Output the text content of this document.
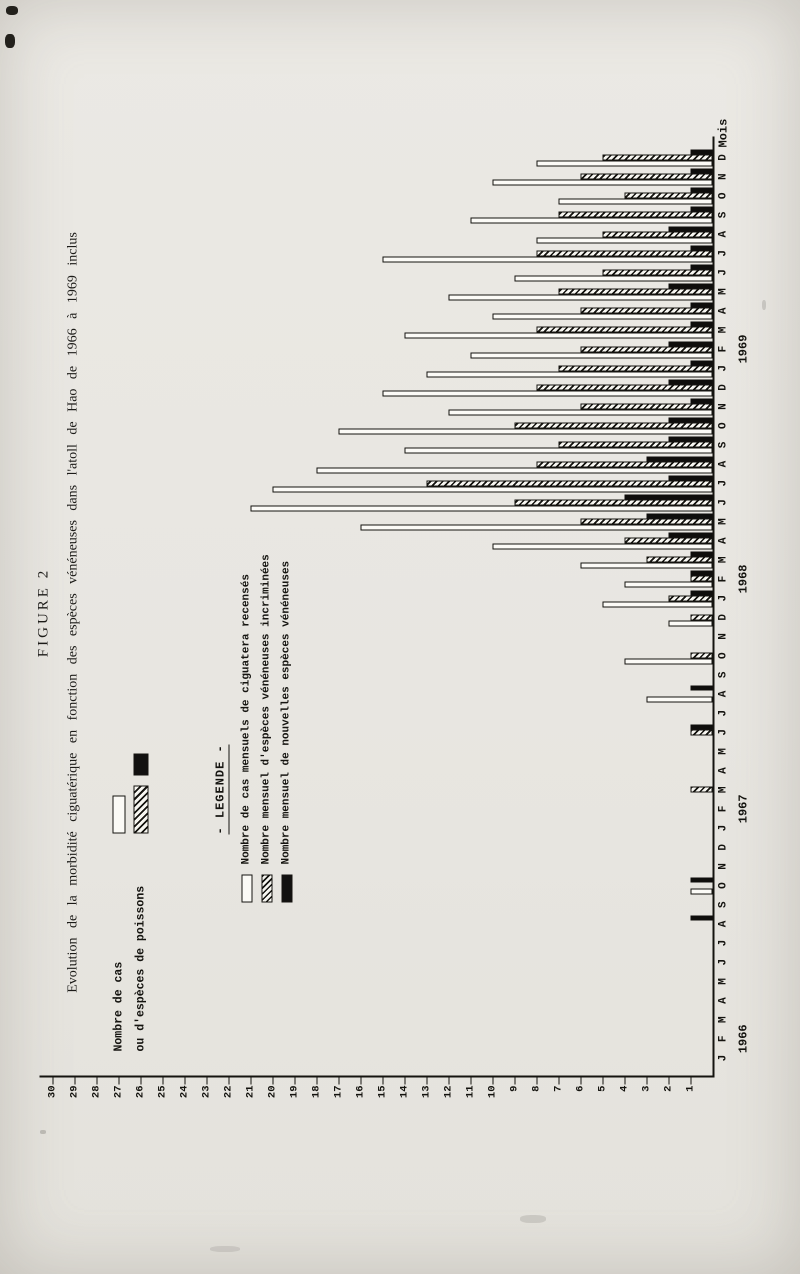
FIGURE 2 Evolution de la morbidité ciguatérique en fonction des espèces vénéneuses dans l'atoll de Hao de 1966 à 1969 inclus
Nombre de cas ou d'espèces de poissons
- LEGENDE - Nombre de cas mensuels de ciguatera recensés Nombre mensuel d'espèces vénéneuses incriminées Nombre mensuel de nouvelles espèces vénéneuses
1
2
3
4
5
6
7
8
9
10
11
12
13
14
15
16
17
18
19
20
21
22
23
24
25
26
27
28
29
30
J
F
M
A
M
J
J
A
S
O
N
D
J
F
M
A
M
J
J
A
S
O
N
D
J
F
M
A
M
J
J
A
S
O
N
D
J
F
M
A
M
J
J
A
S
O
N
D
1966
1967
1968
1969
Mois
